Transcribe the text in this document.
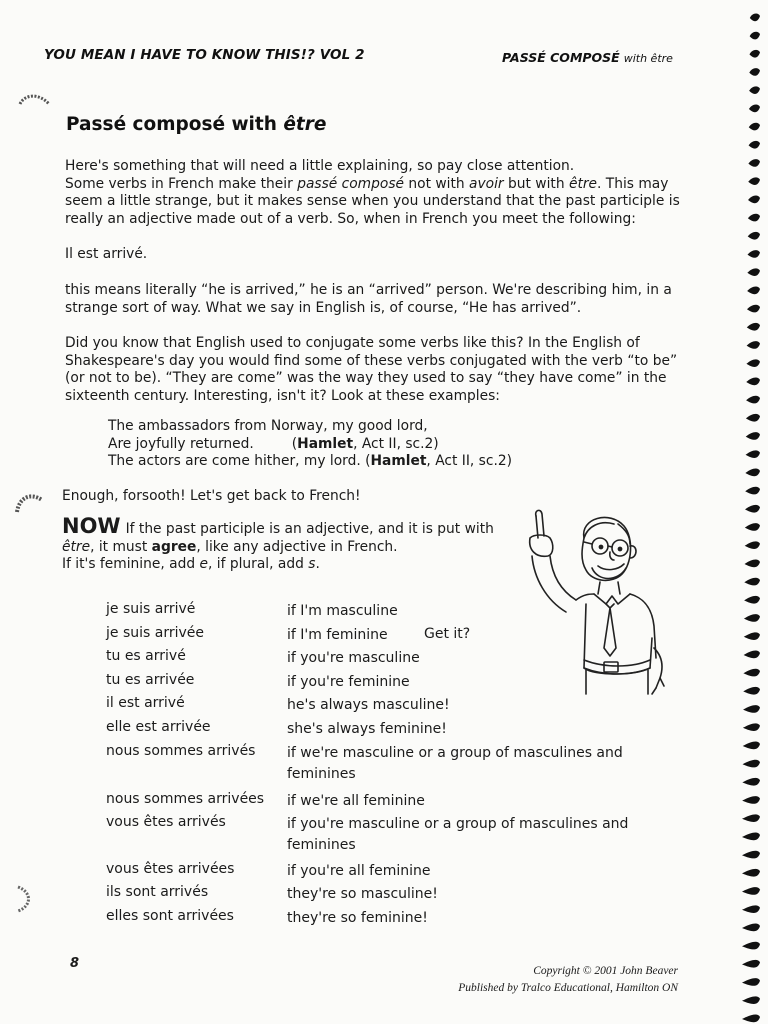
YOU MEAN I HAVE TO KNOW THIS!? VOL 2	PASSÉ COMPOSÉ with être
Passé composé with être
Here's something that will need a little explaining, so pay close attention.
Some verbs in French make their passé composé not with avoir but with être. This may
seem a little strange, but it makes sense when you understand that the past participle is
really an adjective made out of a verb. So, when in French you meet the following:
Il est arrivé.
this means literally “he is arrived,” he is an “arrived” person. We're describing him, in a
strange sort of way. What we say in English is, of course, “He has arrived”.
Did you know that English used to conjugate some verbs like this? In the English of
Shakespeare's day you would find some of these verbs conjugated with the verb “to be”
(or not to be). “They are come” was the way they used to say “they have come” in the
sixteenth century. Interesting, isn't it? Look at these examples:
The ambassadors from Norway, my good lord,
Are joyfully returned.	(Hamlet, Act II, sc.2)
The actors are come hither, my lord. (Hamlet, Act II, sc.2)
Enough, forsooth! Let's get back to French!
NOW If the past participle is an adjective, and it is put with
être, it must agree, like any adjective in French.
If it's feminine, add e, if plural, add s.
Get it?
je suis arrivé	if I'm masculine
je suis arrivée	if I'm feminine
tu es arrivé	if you're masculine
tu es arrivée	if you're feminine
il est arrivé	he's always masculine!
elle est arrivée	she's always feminine!
nous sommes arrivés if we're masculine or a group of masculines and
feminines
nous sommes arrivées if we're all feminine
vous êtes arrivés	if you're masculine or a group of masculines and
feminines
vous êtes arrivées	if you're all feminine
ils sont arrivés	they're so masculine!
elles sont arrivées	they're so feminine!
8	Copyright © 2001 John Beaver
Published by Tralco Educational, Hamilton ON
